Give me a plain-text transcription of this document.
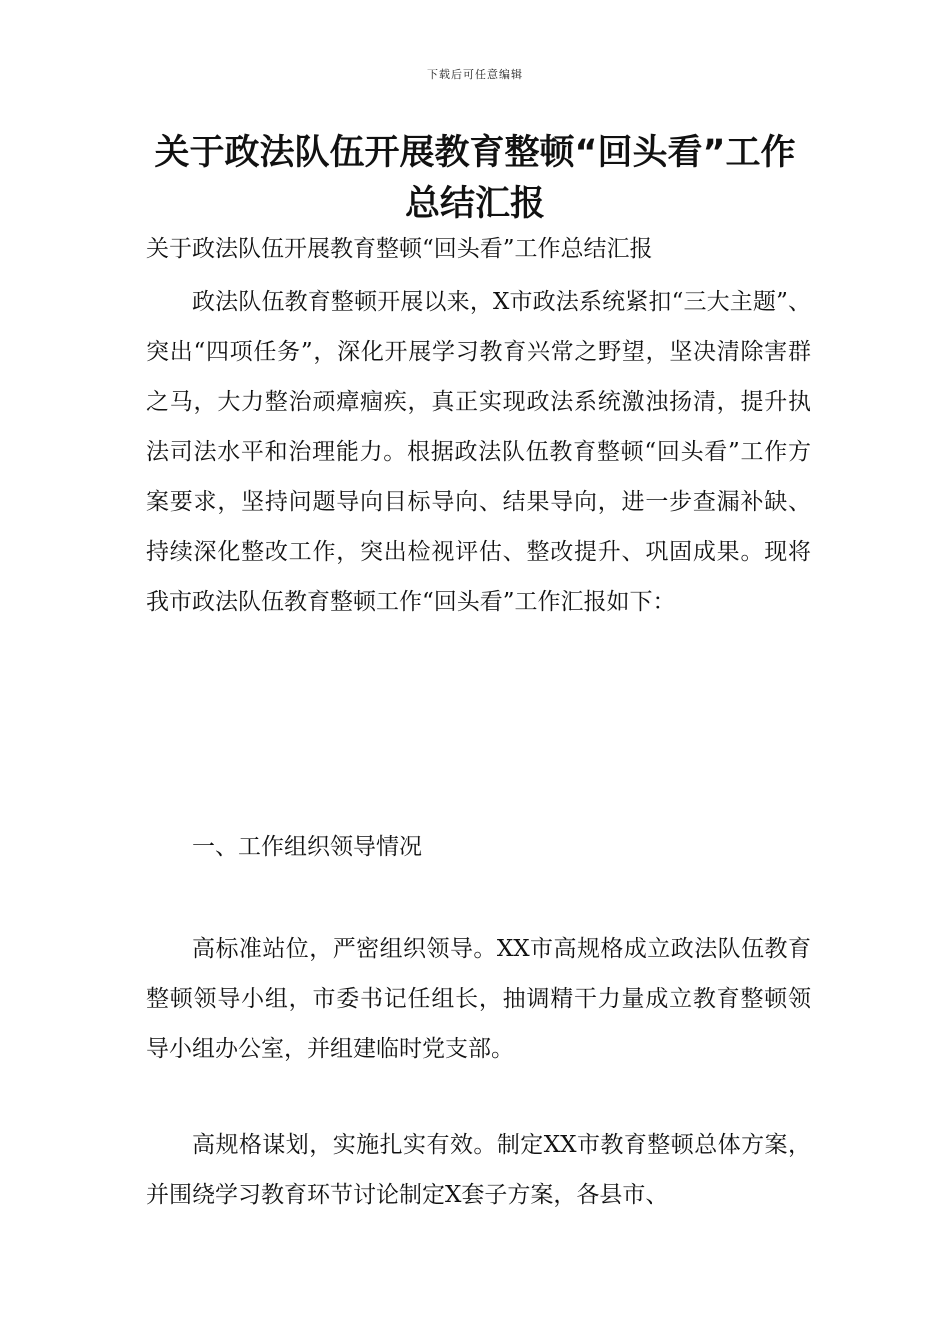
下载后可任意编辑
关于政法队伍开展教育整顿“回头看”工作总结汇报
关于政法队伍开展教育整顿“回头看”工作总结汇报

政法队伍教育整顿开展以来，X市政法系统紧扣“三大主题”、突出“四项任务”，深化开展学习教育兴常之野望，坚决清除害群之马，大力整治顽瘴痼疾，真正实现政法系统激浊扬清，提升执法司法水平和治理能力。根据政法队伍教育整顿“回头看”工作方案要求，坚持问题导向目标导向、结果导向，进一步查漏补缺、持续深化整改工作，突出检视评估、整改提升、巩固成果。现将我市政法队伍教育整顿工作“回头看”工作汇报如下：

一、工作组织领导情况

高标准站位，严密组织领导。XX市高规格成立政法队伍教育整顿领导小组，市委书记任组长，抽调精干力量成立教育整顿领导小组办公室，并组建临时党支部。

高规格谋划，实施扎实有效。制定XX市教育整顿总体方案，并围绕学习教育环节讨论制定X套子方案，各县市、
